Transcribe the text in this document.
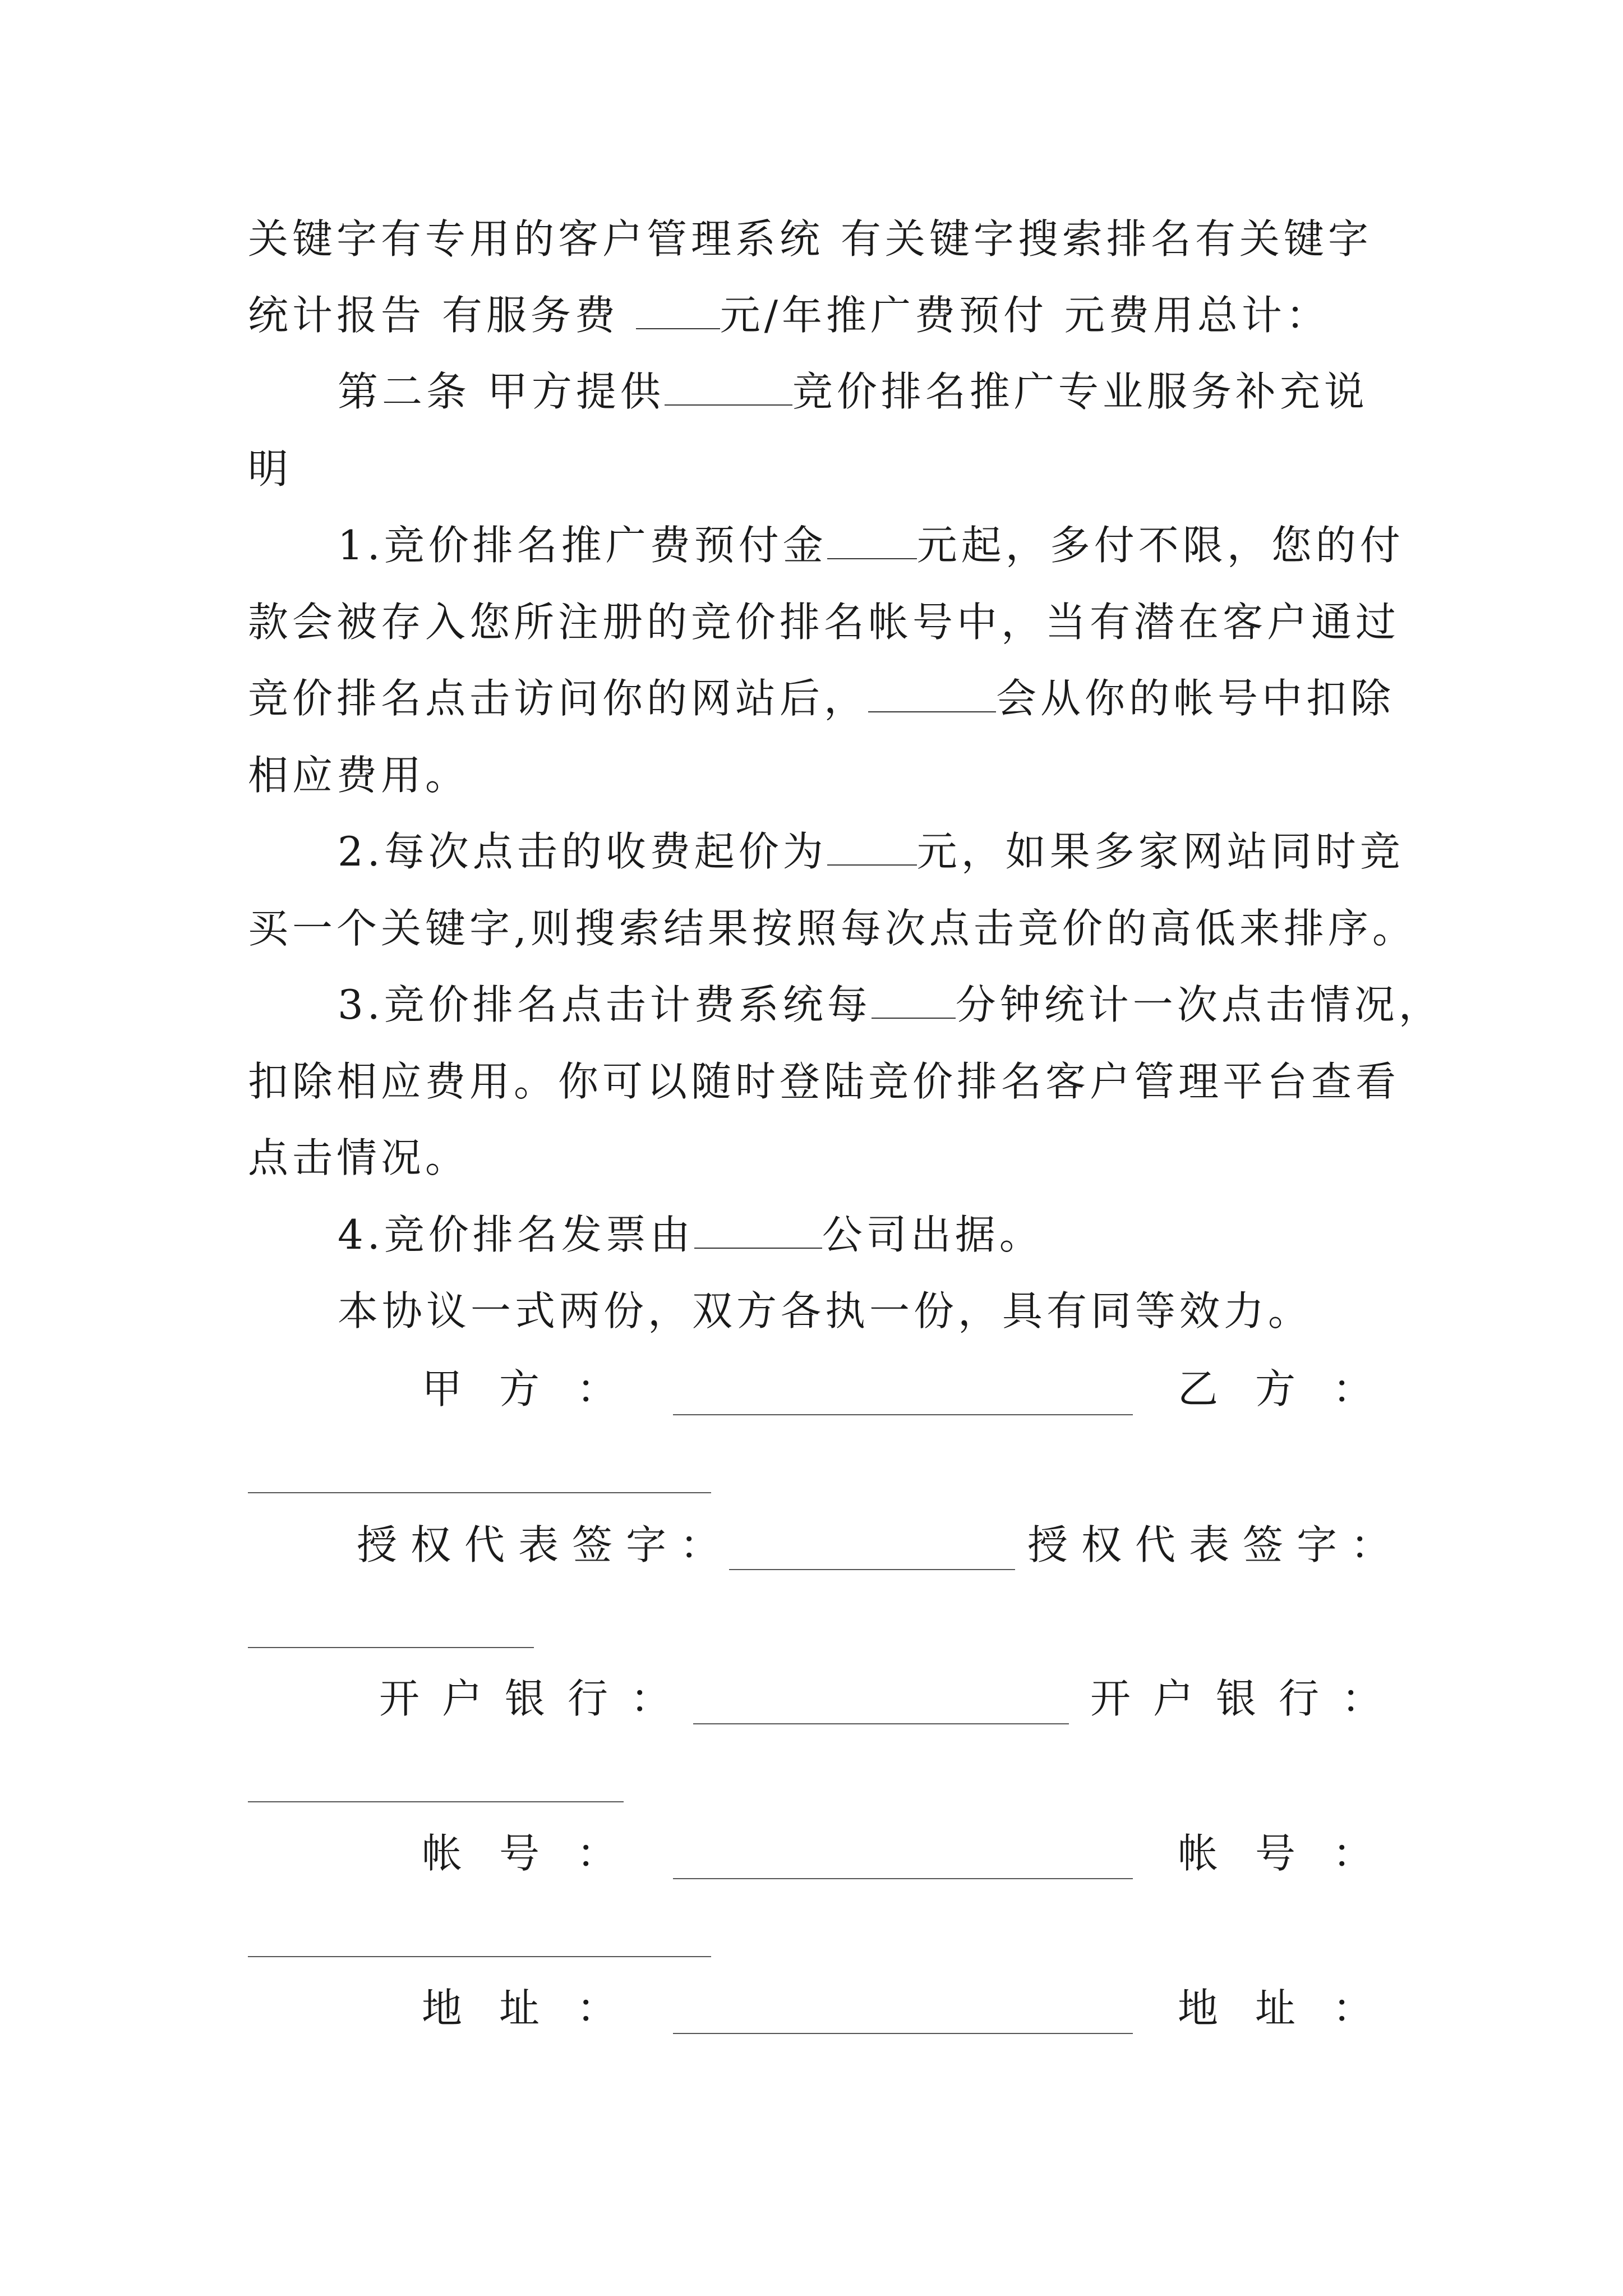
关键字有专用的客户管理系统 有关键字搜索排名有关键字
统计报告 有服务费 元/年推广费预付 元费用总计：
第二条 甲方提供	竞价排名推广专业服务补充说
明
1.竞价排名推广费预付金 元起，多付不限，您的付
款会被存入您所注册的竞价排名帐号中，当有潜在客户通过
竞价排名点击访问你的网站后，	会从你的帐号中扣除
相应费用。
2.每次点击的收费起价为 元，如果多家网站同时竞
买一个关键字,则搜索结果按照每次点击竞价的高低来排序。
3.竞价排名点击计费系统每 分钟统计一次点击情况，
扣除相应费用。你可以随时登陆竞价排名客户管理平台查看
点击情况。
4.竞价排名发票由	公司出据。
本协议一式两份，双方各执一份，具有同等效力。
甲方：	乙方：
授权代表签字：	授权代表签字：
开户银行：	开户银行：
帐号：	帐号：
地址：	地址：
